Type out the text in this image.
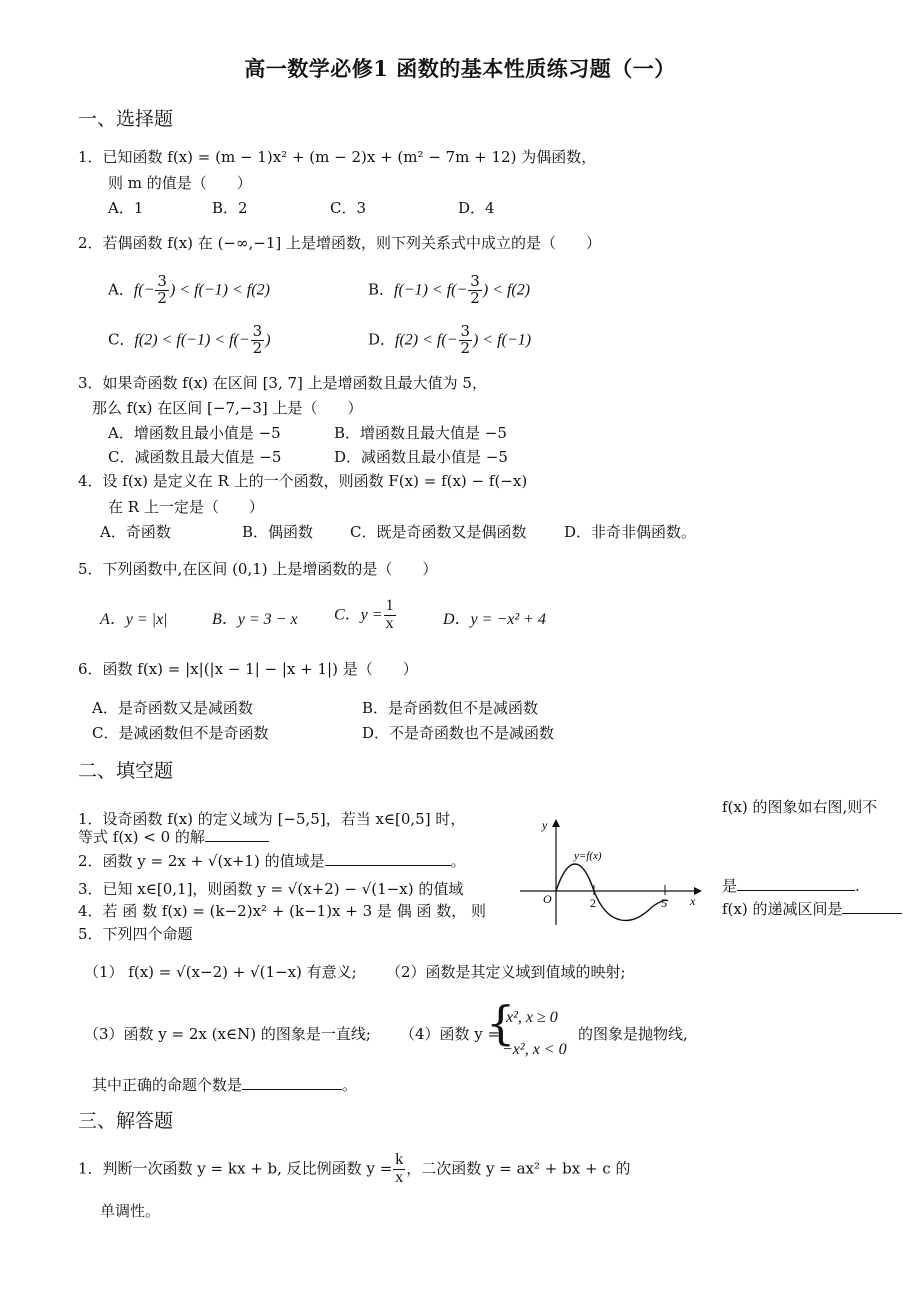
高一数学必修1 函数的基本性质练习题（一）
一、选择题
1．已知函数 f(x) = (m − 1)x² + (m − 2)x + (m² − 7m + 12) 为偶函数，
则 m 的值是（　　）
A．1	B．2	C．3	D．4
2．若偶函数 f(x) 在 (−∞,−1] 上是增函数，则下列关系式中成立的是（　　）
A．$f(- \frac{3}{2}$ ) < f(−1) < f(2)	B．$f(-1) < f(- \frac{3}{2}$ ) < f(2)
C．$f(2) < f(-1) < f(- \frac{3}{2}$ )	D．$f(2) < f(- \frac{3}{2}$ ) < f(−1)
3．如果奇函数 f(x) 在区间 [3, 7] 上是增函数且最大值为 5，
那么 f(x) 在区间 [−7,−3] 上是（　　）
A．增函数且最小值是 −5	B．增函数且最大值是 −5
C．减函数且最大值是 −5	D．减函数且最小值是 −5
4．设 f(x) 是定义在 R 上的一个函数，则函数 F(x) = f(x) − f(−x)
在 R 上一定是（　　）
A．奇函数	B．偶函数 C．既是奇函数又是偶函数	D．非奇非偶函数。
5．下列函数中,在区间 (0,1) 上是增函数的是（　　）
A．y = |x|	B．y = 3 − x C．$y = \frac{1}{x}$	D．y = −x² + 4
6．函数 f(x) = |x|(|x − 1| − |x + 1|) 是（　　）
A．是奇函数又是减函数	B．是奇函数但不是减函数
C．是减函数但不是奇函数	D．不是奇函数也不是减函数
二、填空题
1．设奇函数 f(x) 的定义域为 [−5,5]，若当 x∈[0,5] 时，
等式 f(x) < 0 的解
f(x) 的图象如右图,则不
是	.
2．函数 y = 2x + √(x+1) 的值域是	。
3．已知 x∈[0,1]，则函数 y = √(x+2) − √(1−x) 的值域
4．若 函 数 f(x) = (k−2)x² + (k−1)x + 3 是 偶 函 数， 则	f(x) 的递减区间是
5．下列四个命题
（1） f(x) = √(x−2) + √(1−x) 有意义; （2）函数是其定义域到值域的映射;
（3）函数 y = 2x (x∈N) 的图象是一直线; （4）函数 y =
{
x², x ≥ 0
−x², x < 0
的图象是抛物线,
其中正确的命题个数是	。
y
x
O	2	5
y=f(x)
三、解答题
1．判断一次函数 y = kx + b, 反比例函数 $y = \frac{k}{x}$ ，二次函数 y = ax² + bx + c 的
单调性。
